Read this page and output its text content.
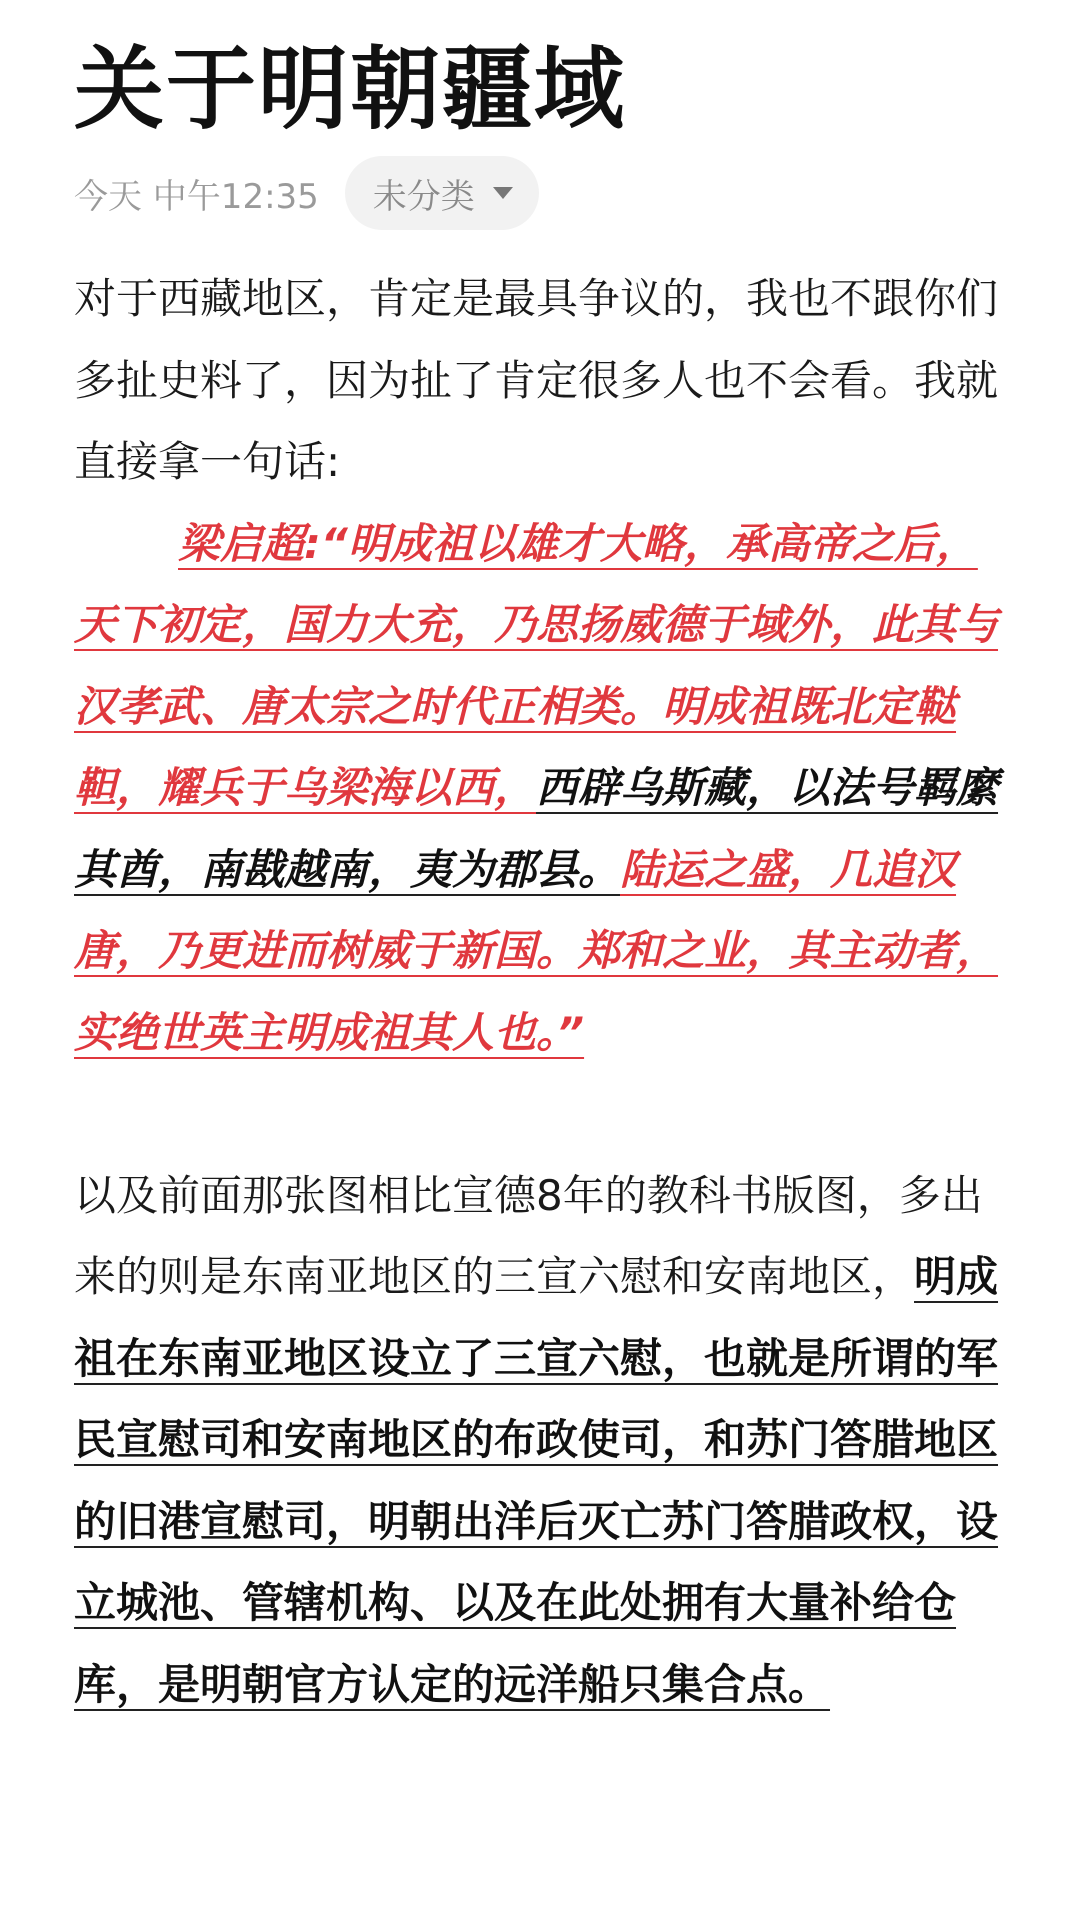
关于明朝疆域
今天 中午12:35 未分类

对于西藏地区，肯定是最具争议的，我也不跟你们多扯史料了，因为扯了肯定很多人也不会看。我就直接拿一句话:

梁启超:“明成祖以雄才大略，承高帝之后，天下初定，国力大充，乃思扬威德于域外，此其与汉孝武、唐太宗之时代正相类。明成祖既北定鞑靼，耀兵于乌梁海以西，西辟乌斯藏，以法号羁縻其酋，南戡越南，夷为郡县。陆运之盛，几追汉唐，乃更进而树威于新国。郑和之业，其主动者，实绝世英主明成祖其人也。”

以及前面那张图相比宣德8年的教科书版图，多出来的则是东南亚地区的三宣六慰和安南地区，明成祖在东南亚地区设立了三宣六慰，也就是所谓的军民宣慰司和安南地区的布政使司，和苏门答腊地区的旧港宣慰司，明朝出洋后灭亡苏门答腊政权，设立城池、管辖机构、以及在此处拥有大量补给仓库，是明朝官方认定的远洋船只集合点。
